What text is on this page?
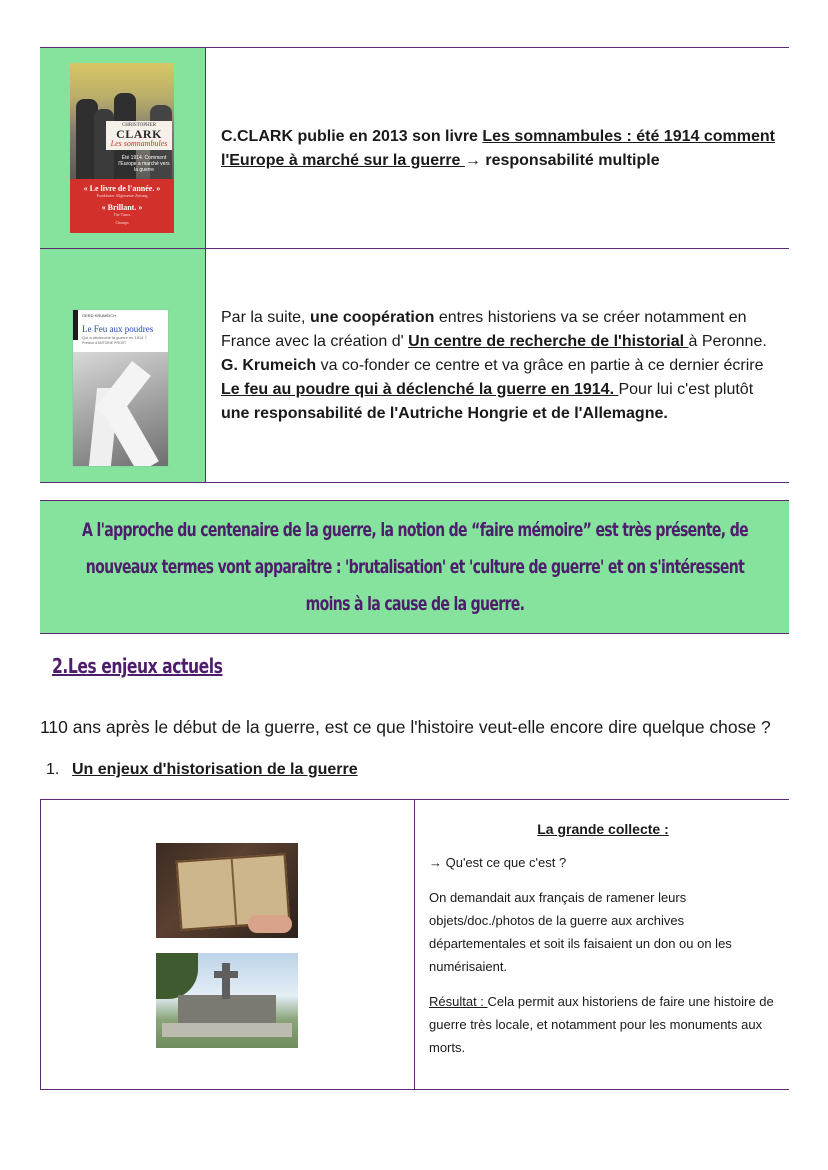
CHRISTOPHER
CLARK
Les somnambules
Été 1914. Comment l'Europe a marché vers la guerre
« Le livre de l'année. »
Frankfurter Allgemeine Zeitung
« Brillant. »
The Times
Champs

C.CLARK publie en 2013 son livre Les somnambules : été 1914 comment l'Europe à marché sur la guerre → responsabilité multiple

GERD KRUMEICH
Le Feu aux poudres
Qui a déclenché la guerre en 1914 ?
Préface d'ANTOINE PROST

Par la suite, une coopération entres historiens va se créer notamment en France avec la création d' Un centre de recherche de l'historial à Peronne. G. Krumeich va co-fonder ce centre et va grâce en partie à ce dernier écrire Le feu au poudre qui à déclenché la guerre en 1914. Pour lui c'est plutôt une responsabilité de l'Autriche Hongrie et de l'Allemagne.

A l'approche du centenaire de la guerre, la notion de “faire mémoire” est très présente, de nouveaux termes vont apparaitre : 'brutalisation' et 'culture de guerre' et on s'intéressent moins à la cause de la guerre.

2.Les enjeux actuels

110 ans après le début de la guerre, est ce que l'histoire veut-elle encore dire quelque chose ?

1. Un enjeux d'historisation de la guerre

La grande collecte :

→ Qu'est ce que c'est ?

On demandait aux français de ramener leurs objets/doc./photos de la guerre aux archives départementales et soit ils faisaient un don ou on les numérisaient.

Résultat : Cela permit aux historiens de faire une histoire de guerre très locale, et notamment pour les monuments aux morts.
